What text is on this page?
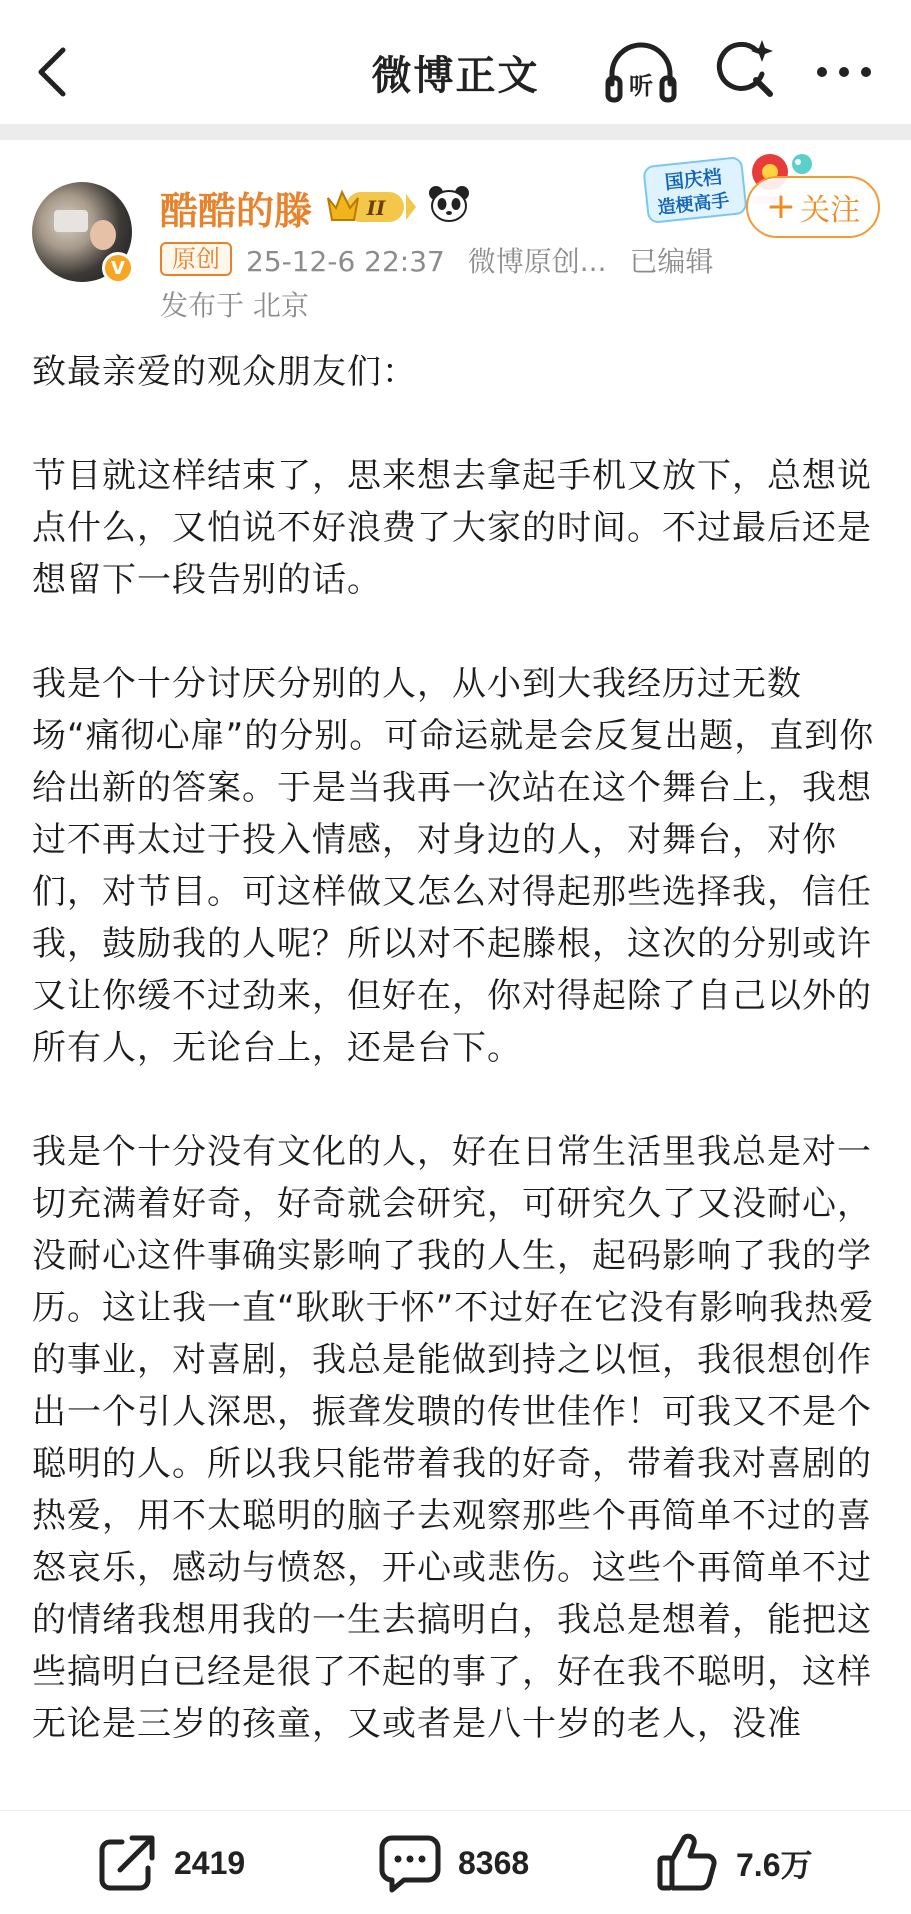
微博正文	听
V
酷酷的滕	II
原创 25-12-6 22:37 微博原创... 已编辑
发布于 北京
国庆档
造梗高手 + 关注

致最亲爱的观众朋友们：

节目就这样结束了，思来想去拿起手机又放下，总想说点什么，又怕说不好浪费了大家的时间。不过最后还是想留下一段告别的话。

我是个十分讨厌分别的人，从小到大我经历过无数场“痛彻心扉”的分别。可命运就是会反复出题，直到你给出新的答案。于是当我再一次站在这个舞台上，我想过不再太过于投入情感，对身边的人，对舞台，对你们，对节目。可这样做又怎么对得起那些选择我，信任我，鼓励我的人呢？所以对不起滕根，这次的分别或许又让你缓不过劲来，但好在，你对得起除了自己以外的所有人，无论台上，还是台下。

我是个十分没有文化的人，好在日常生活里我总是对一切充满着好奇，好奇就会研究，可研究久了又没耐心，没耐心这件事确实影响了我的人生，起码影响了我的学历。这让我一直“耿耿于怀”不过好在它没有影响我热爱的事业，对喜剧，我总是能做到持之以恒，我很想创作出一个引人深思，振聋发聩的传世佳作！可我又不是个聪明的人。所以我只能带着我的好奇，带着我对喜剧的热爱，用不太聪明的脑子去观察那些个再简单不过的喜怒哀乐，感动与愤怒，开心或悲伤。这些个再简单不过的情绪我想用我的一生去搞明白，我总是想着，能把这些搞明白已经是很了不起的事了，好在我不聪明，这样无论是三岁的孩童，又或者是八十岁的老人，没准

2419	8368	7.6万
